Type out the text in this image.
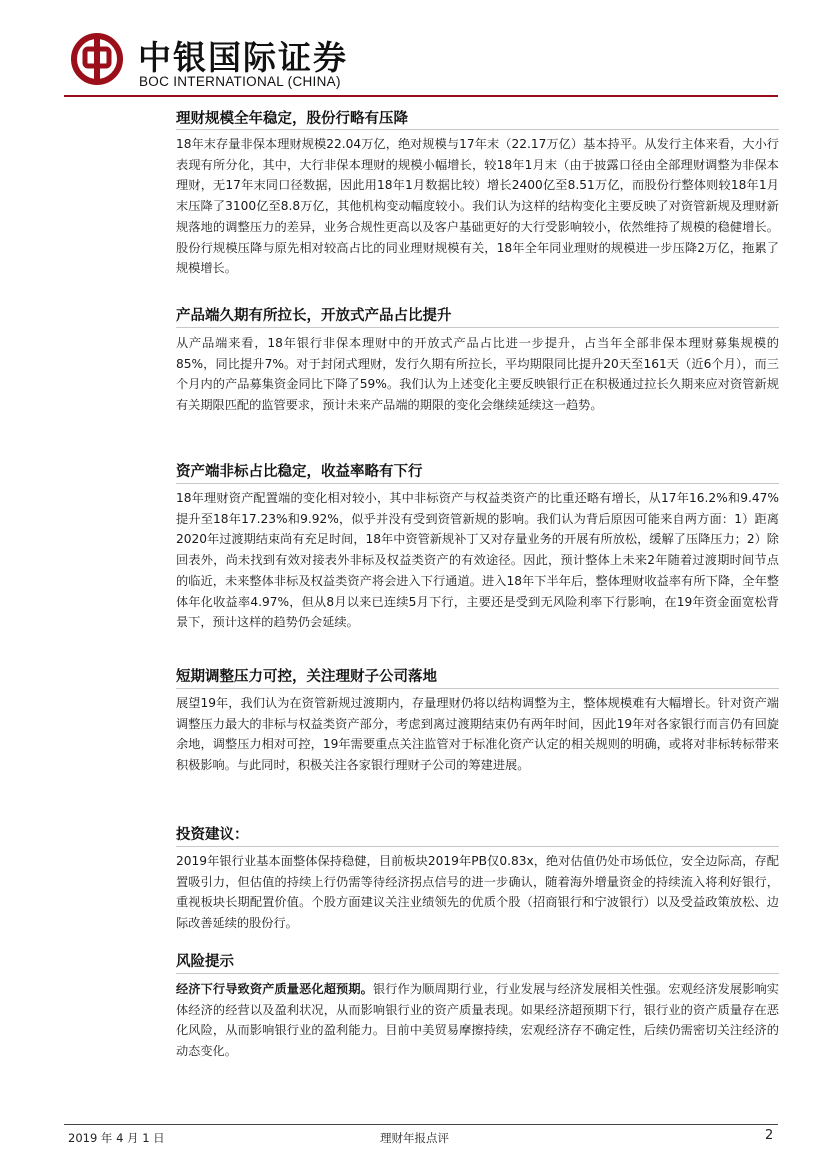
中银国际证券
BOC INTERNATIONAL (CHINA)
理财规模全年稳定，股份行略有压降
18年末存量非保本理财规模22.04万亿，绝对规模与17年末（22.17万亿）基本持平。从发行主体来看，大小行表现有所分化，其中，大行非保本理财的规模小幅增长，较18年1月末（由于披露口径由全部理财调整为非保本理财，无17年末同口径数据，因此用18年1月数据比较）增长2400亿至8.51万亿，而股份行整体则较18年1月末压降了3100亿至8.8万亿，其他机构变动幅度较小。我们认为这样的结构变化主要反映了对资管新规及理财新规落地的调整压力的差异，业务合规性更高以及客户基础更好的大行受影响较小，依然维持了规模的稳健增长。股份行规模压降与原先相对较高占比的同业理财规模有关，18年全年同业理财的规模进一步压降2万亿，拖累了规模增长。
产品端久期有所拉长，开放式产品占比提升
从产品端来看，18年银行非保本理财中的开放式产品占比进一步提升，占当年全部非保本理财募集规模的85%，同比提升7%。对于封闭式理财，发行久期有所拉长，平均期限同比提升20天至161天（近6个月），而三个月内的产品募集资金同比下降了59%。我们认为上述变化主要反映银行正在积极通过拉长久期来应对资管新规有关期限匹配的监管要求，预计未来产品端的期限的变化会继续延续这一趋势。
资产端非标占比稳定，收益率略有下行
18年理财资产配置端的变化相对较小，其中非标资产与权益类资产的比重还略有增长，从17年16.2%和9.47%提升至18年17.23%和9.92%，似乎并没有受到资管新规的影响。我们认为背后原因可能来自两方面：1）距离2020年过渡期结束尚有充足时间，18年中资管新规补丁又对存量业务的开展有所放松，缓解了压降压力；2）除回表外，尚未找到有效对接表外非标及权益类资产的有效途径。因此，预计整体上未来2年随着过渡期时间节点的临近，未来整体非标及权益类资产将会进入下行通道。进入18年下半年后，整体理财收益率有所下降，全年整体年化收益率4.97%，但从8月以来已连续5月下行，主要还是受到无风险利率下行影响，在19年资金面宽松背景下，预计这样的趋势仍会延续。
短期调整压力可控，关注理财子公司落地
展望19年，我们认为在资管新规过渡期内，存量理财仍将以结构调整为主，整体规模难有大幅增长。针对资产端调整压力最大的非标与权益类资产部分，考虑到离过渡期结束仍有两年时间，因此19年对各家银行而言仍有回旋余地，调整压力相对可控，19年需要重点关注监管对于标准化资产认定的相关规则的明确，或将对非标转标带来积极影响。与此同时，积极关注各家银行理财子公司的筹建进展。
投资建议：
2019年银行业基本面整体保持稳健，目前板块2019年PB仅0.83x，绝对估值仍处市场低位，安全边际高，存配置吸引力，但估值的持续上行仍需等待经济拐点信号的进一步确认，随着海外增量资金的持续流入将利好银行，重视板块长期配置价值。个股方面建议关注业绩领先的优质个股（招商银行和宁波银行）以及受益政策放松、边际改善延续的股份行。
风险提示
经济下行导致资产质量恶化超预期。银行作为顺周期行业，行业发展与经济发展相关性强。宏观经济发展影响实体经济的经营以及盈利状况，从而影响银行业的资产质量表现。如果经济超预期下行，银行业的资产质量存在恶化风险，从而影响银行业的盈利能力。目前中美贸易摩擦持续，宏观经济存不确定性，后续仍需密切关注经济的动态变化。
2019 年 4 月 1 日	理财年报点评	2
